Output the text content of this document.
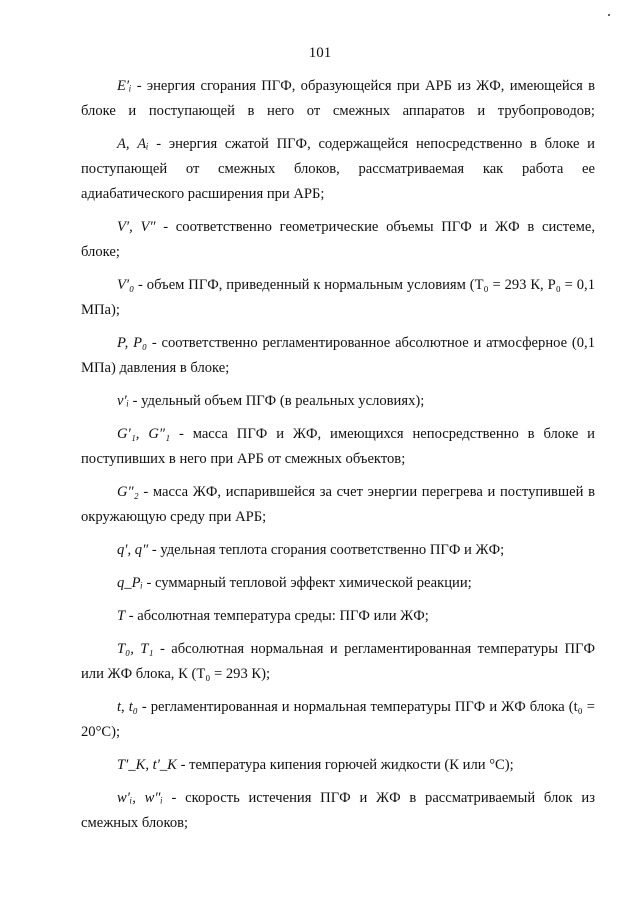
101

E′ᵢ - энергия сгорания ПГФ, образующейся при АРБ из ЖФ, имеющейся в блоке и поступающей в него от смежных аппаратов и трубопроводов;

А, Aᵢ - энергия сжатой ПГФ, содержащейся непосредственно в блоке и поступающей от смежных блоков, рассматриваемая как работа ее адиабатического расширения при АРБ;

V′, V″ - соответственно геометрические объемы ПГФ и ЖФ в системе, блоке;

V′₀ - объем ПГФ, приведенный к нормальным условиям (T₀ = 293 К, P₀ = 0,1 МПа);

Р, P₀ - соответственно регламентированное абсолютное и атмосферное (0,1 МПа) давления в блоке;

v′ᵢ - удельный объем ПГФ (в реальных условиях);

G′₁, G″₁ - масса ПГФ и ЖФ, имеющихся непосредственно в блоке и поступивших в него при АРБ от смежных объектов;

G″₂ - масса ЖФ, испарившейся за счет энергии перегрева и поступившей в окружающую среду при АРБ;

q′, q″ - удельная теплота сгорания соответственно ПГФ и ЖФ;

q_Pᵢ - суммарный тепловой эффект химической реакции;

Т - абсолютная температура среды: ПГФ или ЖФ;

T₀, T₁ - абсолютная нормальная и регламентированная температуры ПГФ или ЖФ блока, К (T₀ = 293 К);

t, t₀ - регламентированная и нормальная температуры ПГФ и ЖФ блока (t₀ = 20°С);

T′_K, t′_K - температура кипения горючей жидкости (К или °С);

w′ᵢ, w″ᵢ - скорость истечения ПГФ и ЖФ в рассматриваемый блок из смежных блоков;
